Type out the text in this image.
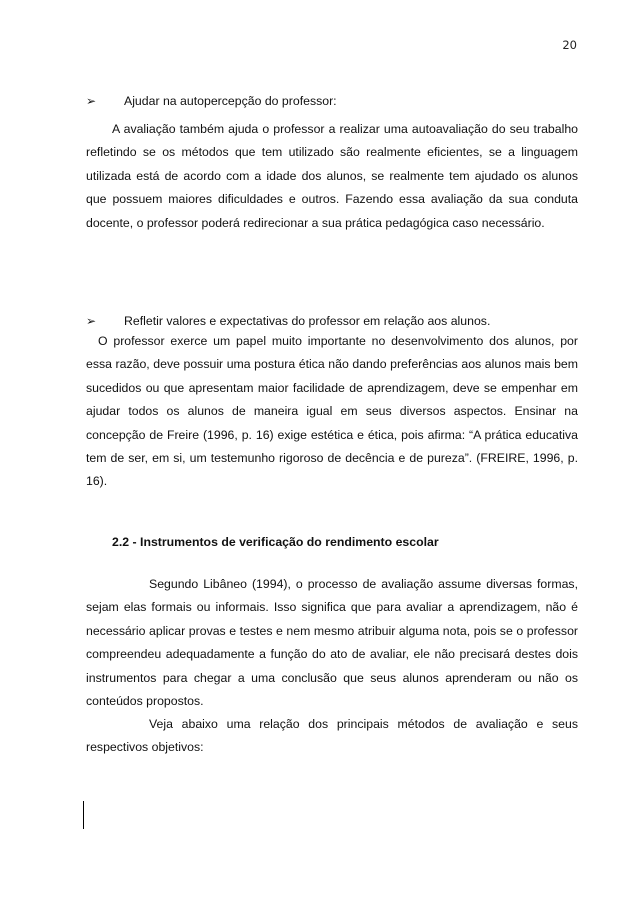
20
➢ Ajudar na autopercepção do professor:

A avaliação também ajuda o professor a realizar uma autoavaliação do seu trabalho refletindo se os métodos que tem utilizado são realmente eficientes, se a linguagem utilizada está de acordo com a idade dos alunos, se realmente tem ajudado os alunos que possuem maiores dificuldades e outros. Fazendo essa avaliação da sua conduta docente, o professor poderá redirecionar a sua prática pedagógica caso necessário.

➢ Refletir valores e expectativas do professor em relação aos alunos.

O professor exerce um papel muito importante no desenvolvimento dos alunos, por essa razão, deve possuir uma postura ética não dando preferências aos alunos mais bem sucedidos ou que apresentam maior facilidade de aprendizagem, deve se empenhar em ajudar todos os alunos de maneira igual em seus diversos aspectos. Ensinar na concepção de Freire (1996, p. 16) exige estética e ética, pois afirma: “A prática educativa tem de ser, em si, um testemunho rigoroso de decência e de pureza”. (FREIRE, 1996, p. 16).

2.2 - Instrumentos de verificação do rendimento escolar

Segundo Libâneo (1994), o processo de avaliação assume diversas formas, sejam elas formais ou informais. Isso significa que para avaliar a aprendizagem, não é necessário aplicar provas e testes e nem mesmo atribuir alguma nota, pois se o professor compreendeu adequadamente a função do ato de avaliar, ele não precisará destes dois instrumentos para chegar a uma conclusão que seus alunos aprenderam ou não os conteúdos propostos.

Veja abaixo uma relação dos principais métodos de avaliação e seus respectivos objetivos:
